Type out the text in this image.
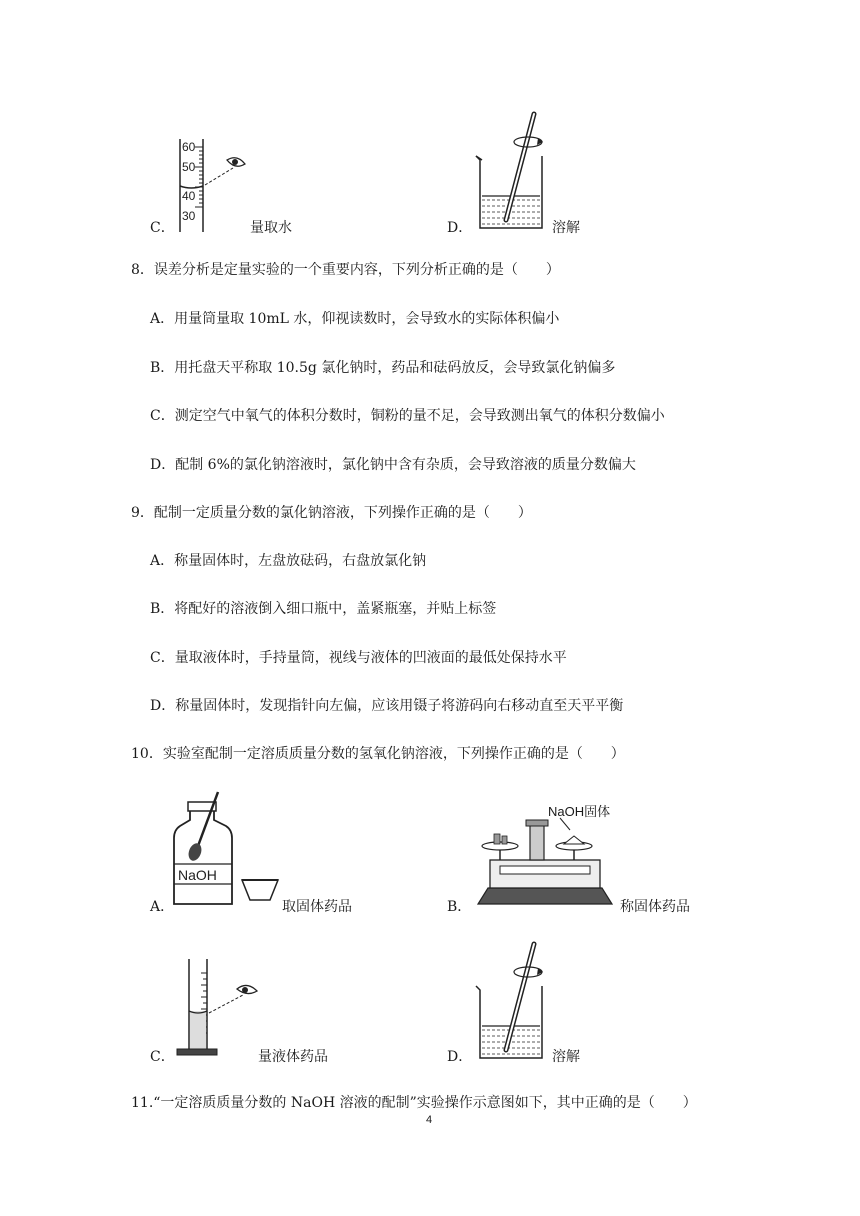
C．
60
50
40
30
量取水	D．	溶解
8．误差分析是定量实验的一个重要内容，下列分析正确的是（　　）
A．用量筒量取 10mL 水，仰视读数时，会导致水的实际体积偏小
B．用托盘天平称取 10.5g 氯化钠时，药品和砝码放反，会导致氯化钠偏多
C．测定空气中氧气的体积分数时，铜粉的量不足，会导致测出氧气的体积分数偏小
D．配制 6%的氯化钠溶液时，氯化钠中含有杂质，会导致溶液的质量分数偏大
9．配制一定质量分数的氯化钠溶液，下列操作正确的是（　　）
A．称量固体时，左盘放砝码，右盘放氯化钠
B．将配好的溶液倒入细口瓶中，盖紧瓶塞，并贴上标签
C．量取液体时，手持量筒，视线与液体的凹液面的最低处保持水平
D．称量固体时，发现指针向左偏，应该用镊子将游码向右移动直至天平平衡
10．实验室配制一定溶质质量分数的氢氧化钠溶液，下列操作正确的是（　　）
A．
NaOH
取固体药品	B．
NaOH固体
称固体药品
C．	量液体药品	D．	溶解
11.“一定溶质质量分数的 NaOH 溶液的配制”实验操作示意图如下，其中正确的是（　　）
4
